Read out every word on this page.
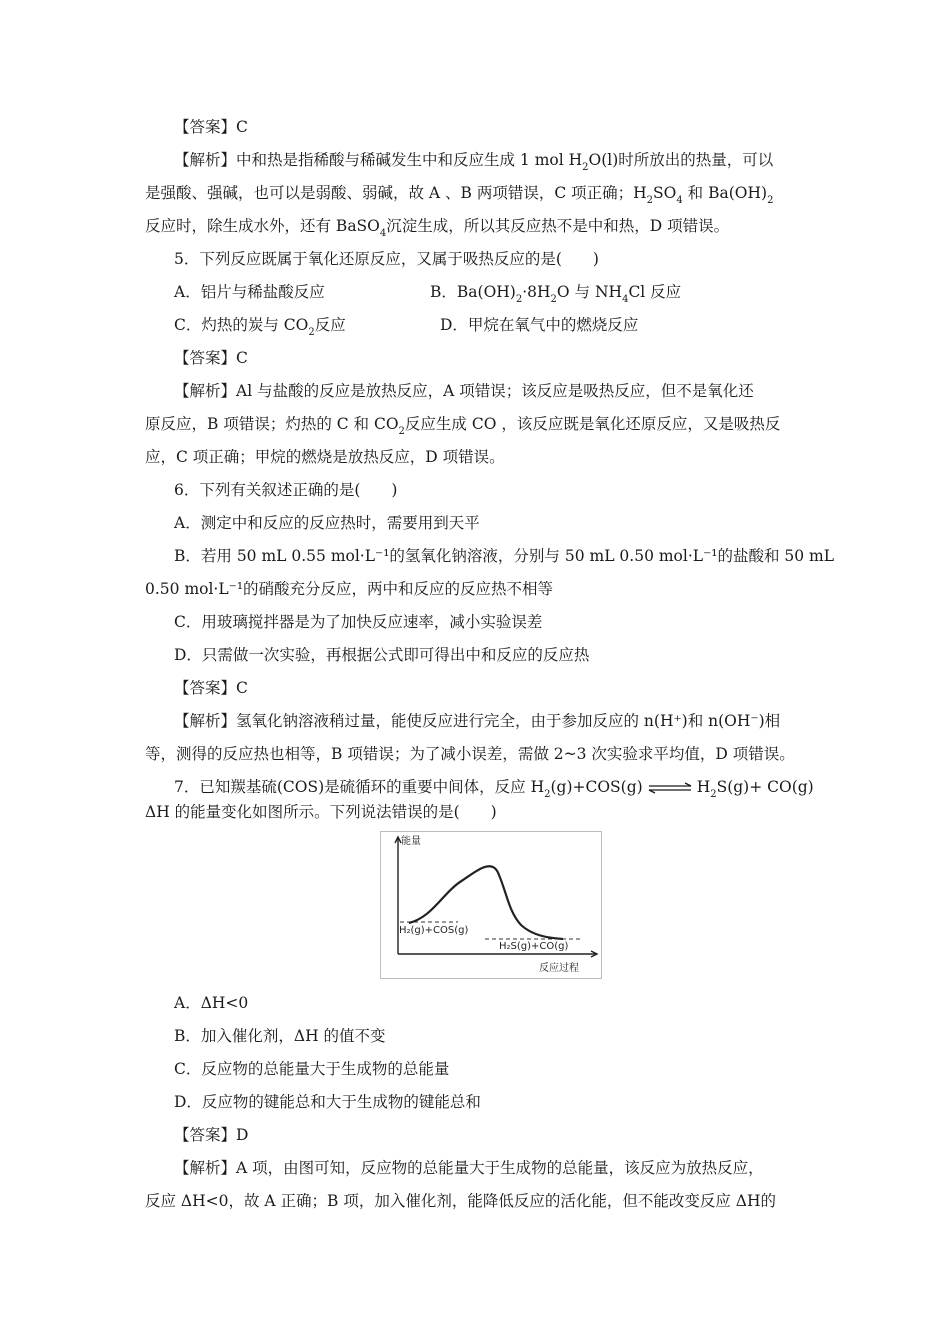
【答案】C
【解析】中和热是指稀酸与稀碱发生中和反应生成 1 mol $H_2O(l)$时所放出的热量，可以
是强酸、强碱，也可以是弱酸、弱碱，故 A 、B 两项错误，C 项正确；$H_2SO_4$ 和 $Ba(OH)_2$
反应时，除生成水外，还有 BaSO$_4$沉淀生成，所以其反应热不是中和热，D 项错误。
5．下列反应既属于氧化还原反应，又属于吸热反应的是(　　)
A．铝片与稀盐酸反应	B．$Ba(OH)_2\cdot 8H_2O$ 与 $NH_4Cl$ 反应
C．灼热的炭与 $CO_2$反应	D．甲烷在氧气中的燃烧反应
【答案】C
【解析】Al 与盐酸的反应是放热反应，A 项错误；该反应是吸热反应，但不是氧化还
原反应，B 项错误；灼热的 C 和 $CO_2$反应生成 CO ，该反应既是氧化还原反应，又是吸热反
应，C 项正确；甲烷的燃烧是放热反应，D 项错误。
6．下列有关叙述正确的是(　　)
A．测定中和反应的反应热时，需要用到天平
B．若用 50 mL 0.55 mol·L⁻¹的氢氧化钠溶液，分别与 50 mL 0.50 mol·L⁻¹的盐酸和 50 mL
0.50 mol·L⁻¹的硝酸充分反应，两中和反应的反应热不相等
C．用玻璃搅拌器是为了加快反应速率，减小实验误差
D．只需做一次实验，再根据公式即可得出中和反应的反应热
【答案】C
【解析】氢氧化钠溶液稍过量，能使反应进行完全，由于参加反应的 n(H⁺)和 n(OH⁻)相
等，测得的反应热也相等，B 项错误；为了减小误差，需做 2~3 次实验求平均值，D 项错误。
7．已知羰基硫(COS)是硫循环的重要中间体，反应 $H_2(g)+COS(g)$ ⇌ $H_2S(g)+ CO(g)$
ΔH 的能量变化如图所示。下列说法错误的是(　　)
能量
H₂(g)+COS(g)
H₂S(g)+CO(g)
反应过程
A．ΔH<0
B．加入催化剂，ΔH 的值不变
C．反应物的总能量大于生成物的总能量
D．反应物的键能总和大于生成物的键能总和
【答案】D
【解析】A 项，由图可知，反应物的总能量大于生成物的总能量，该反应为放热反应，
反应 ΔH<0，故 A 正确；B 项，加入催化剂，能降低反应的活化能，但不能改变反应 ΔH的
